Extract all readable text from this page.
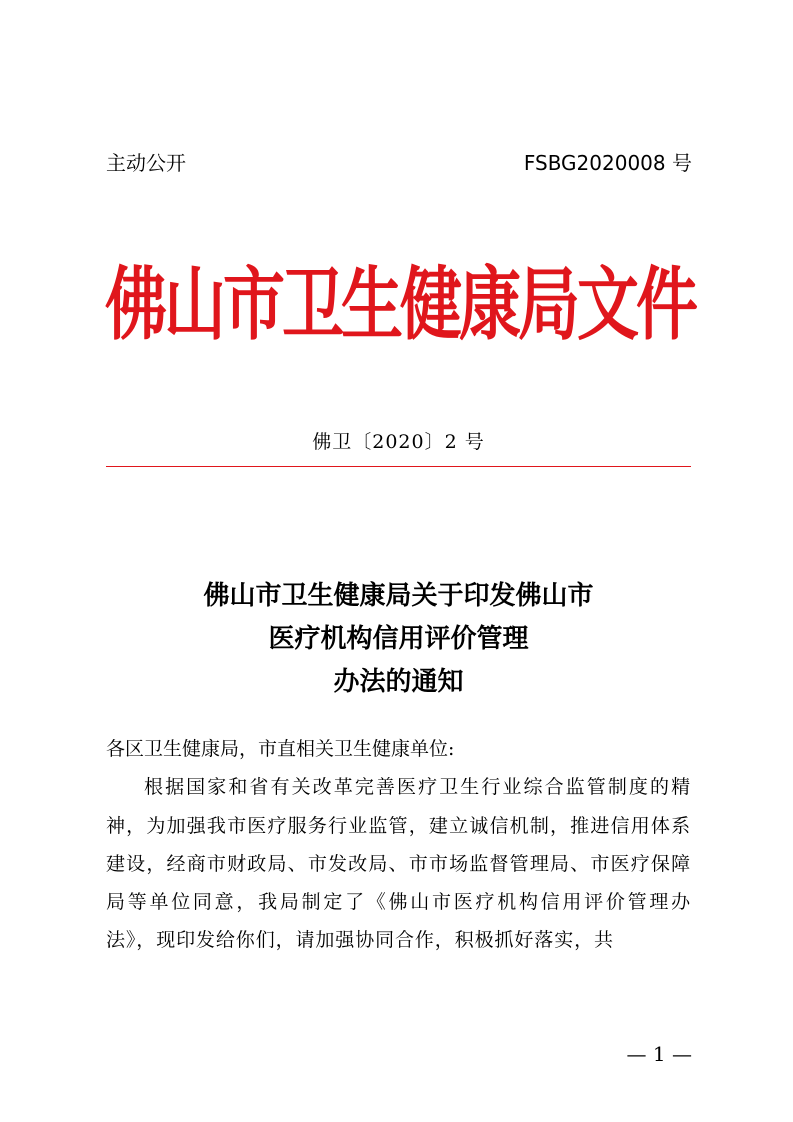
主动公开	FSBG2020008 号
佛山市卫生健康局文件
佛卫〔2020〕2 号
佛山市卫生健康局关于印发佛山市
医疗机构信用评价管理
办法的通知

各区卫生健康局，市直相关卫生健康单位:

根据国家和省有关改革完善医疗卫生行业综合监管制度的精神，为加强我市医疗服务行业监管，建立诚信机制，推进信用体系建设，经商市财政局、市发改局、市市场监督管理局、市医疗保障局等单位同意，我局制定了《佛山市医疗机构信用评价管理办法》，现印发给你们，请加强协同合作，积极抓好落实，共

— 1 —
